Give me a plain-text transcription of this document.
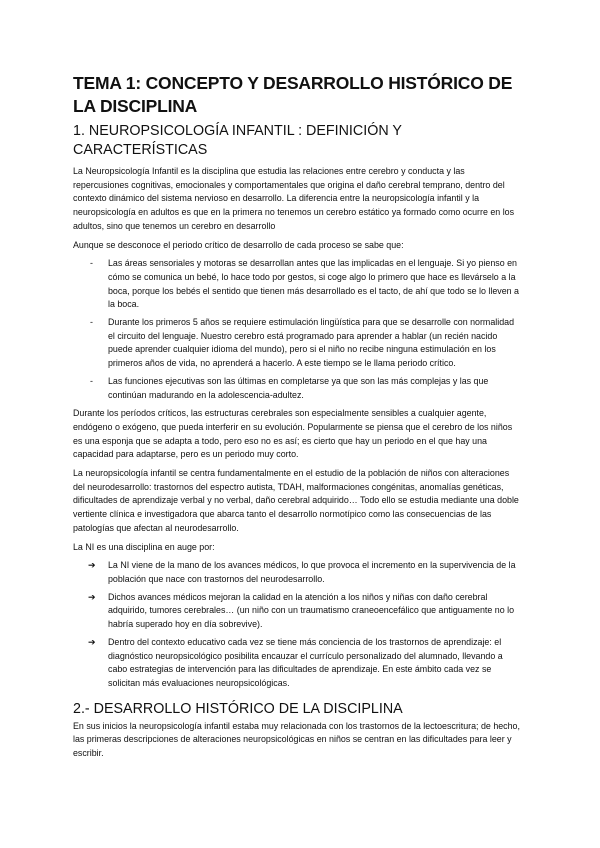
TEMA 1: CONCEPTO Y DESARROLLO HISTÓRICO DE LA DISCIPLINA
1. NEUROPSICOLOGÍA INFANTIL : DEFINICIÓN Y CARACTERÍSTICAS

La Neuropsicología Infantil es la disciplina que estudia las relaciones entre cerebro y conducta y las repercusiones cognitivas, emocionales y comportamentales que origina el daño cerebral temprano, dentro del contexto dinámico del sistema nervioso en desarrollo. La diferencia entre la neuropsicología infantil y la neuropsicología en adultos es que en la primera no tenemos un cerebro estático ya formado como ocurre en los adultos, sino que tenemos un cerebro en desarrollo

Aunque se desconoce el periodo crítico de desarrollo de cada proceso se sabe que:

- Las áreas sensoriales y motoras se desarrollan antes que las implicadas en el lenguaje. Si yo pienso en cómo se comunica un bebé, lo hace todo por gestos, si coge algo lo primero que hace es llevárselo a la boca, porque los bebés el sentido que tienen más desarrollado es el tacto, de ahí que todo se lo lleven a la boca.
- Durante los primeros 5 años se requiere estimulación lingüística para que se desarrolle con normalidad el circuito del lenguaje. Nuestro cerebro está programado para aprender a hablar (un recién nacido puede aprender cualquier idioma del mundo), pero si el niño no recibe ninguna estimulación en los primeros años de vida, no aprenderá a hacerlo. A este tiempo se le llama periodo crítico.
- Las funciones ejecutivas son las últimas en completarse ya que son las más complejas y las que continúan madurando en la adolescencia-adultez.

Durante los períodos críticos, las estructuras cerebrales son especialmente sensibles a cualquier agente, endógeno o exógeno, que pueda interferir en su evolución. Popularmente se piensa que el cerebro de los niños es una esponja que se adapta a todo, pero eso no es así; es cierto que hay un periodo en el que hay una capacidad para adaptarse, pero es un periodo muy corto.

La neuropsicología infantil se centra fundamentalmente en el estudio de la población de niños con alteraciones del neurodesarrollo: trastornos del espectro autista, TDAH, malformaciones congénitas, anomalías genéticas, dificultades de aprendizaje verbal y no verbal, daño cerebral adquirido… Todo ello se estudia mediante una doble vertiente clínica e investigadora que abarca tanto el desarrollo normotípico como las consecuencias de las patologías que afectan al neurodesarrollo.

La NI es una disciplina en auge por:

➔ La NI viene de la mano de los avances médicos, lo que provoca el incremento en la supervivencia de la población que nace con trastornos del neurodesarrollo.
➔ Dichos avances médicos mejoran la calidad en la atención a los niños y niñas con daño cerebral adquirido, tumores cerebrales… (un niño con un traumatismo craneoencefálico que antiguamente no lo habría superado hoy en día sobrevive).
➔ Dentro del contexto educativo cada vez se tiene más conciencia de los trastornos de aprendizaje: el diagnóstico neuropsicológico posibilita encauzar el currículo personalizado del alumnado, llevando a cabo estrategias de intervención para las dificultades de aprendizaje. En este ámbito cada vez se solicitan más evaluaciones neuropsicológicas.
2.- DESARROLLO HISTÓRICO DE LA DISCIPLINA

En sus inicios la neuropsicología infantil estaba muy relacionada con los trastornos de la lectoescritura; de hecho, las primeras descripciones de alteraciones neuropsicológicas en niños se centran en las dificultades para leer y escribir.
